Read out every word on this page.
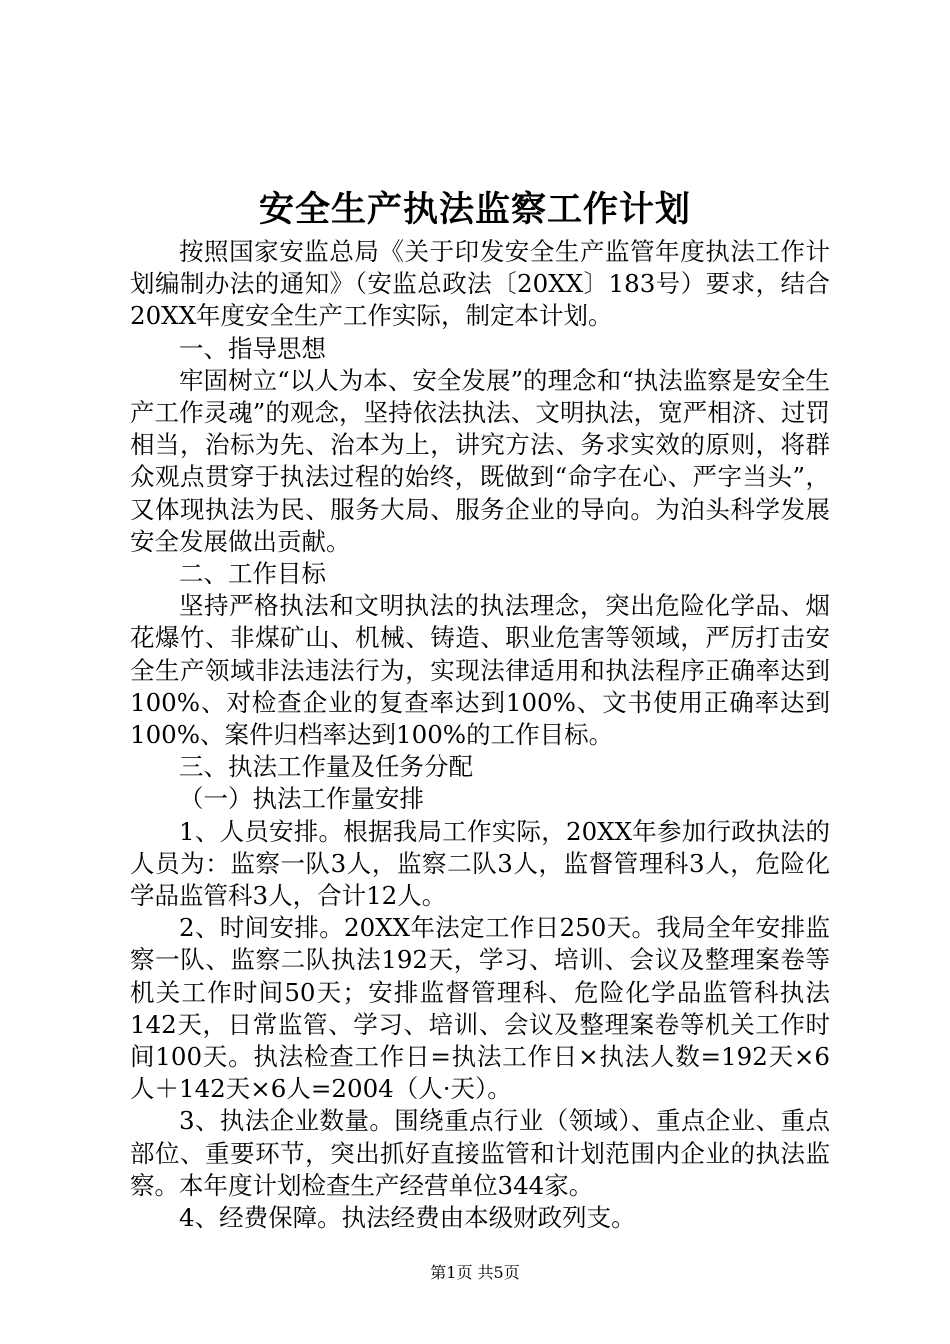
安全生产执法监察工作计划

按照国家安监总局《关于印发安全生产监管年度执法工作计划编制办法的通知》（安监总政法〔20XX〕183号）要求，结合20XX年度安全生产工作实际，制定本计划。

一、指导思想

牢固树立“以人为本、安全发展”的理念和“执法监察是安全生产工作灵魂”的观念，坚持依法执法、文明执法，宽严相济、过罚相当，治标为先、治本为上，讲究方法、务求实效的原则，将群众观点贯穿于执法过程的始终，既做到“命字在心、严字当头”，又体现执法为民、服务大局、服务企业的导向。为泊头科学发展安全发展做出贡献。

二、工作目标

坚持严格执法和文明执法的执法理念，突出危险化学品、烟花爆竹、非煤矿山、机械、铸造、职业危害等领域，严厉打击安全生产领域非法违法行为，实现法律适用和执法程序正确率达到100%、对检查企业的复查率达到100%、文书使用正确率达到100%、案件归档率达到100%的工作目标。

三、执法工作量及任务分配

（一）执法工作量安排

1、人员安排。根据我局工作实际，20XX年参加行政执法的人员为：监察一队3人，监察二队3人，监督管理科3人，危险化学品监管科3人，合计12人。

2、时间安排。20XX年法定工作日250天。我局全年安排监察一队、监察二队执法192天，学习、培训、会议及整理案卷等机关工作时间50天；安排监督管理科、危险化学品监管科执法142天，日常监管、学习、培训、会议及整理案卷等机关工作时间100天。执法检查工作日=执法工作日×执法人数=192天×6人＋142天×6人=2004（人·天）。

3、执法企业数量。围绕重点行业（领域）、重点企业、重点部位、重要环节，突出抓好直接监管和计划范围内企业的执法监察。本年度计划检查生产经营单位344家。

4、经费保障。执法经费由本级财政列支。

第1页 共5页
